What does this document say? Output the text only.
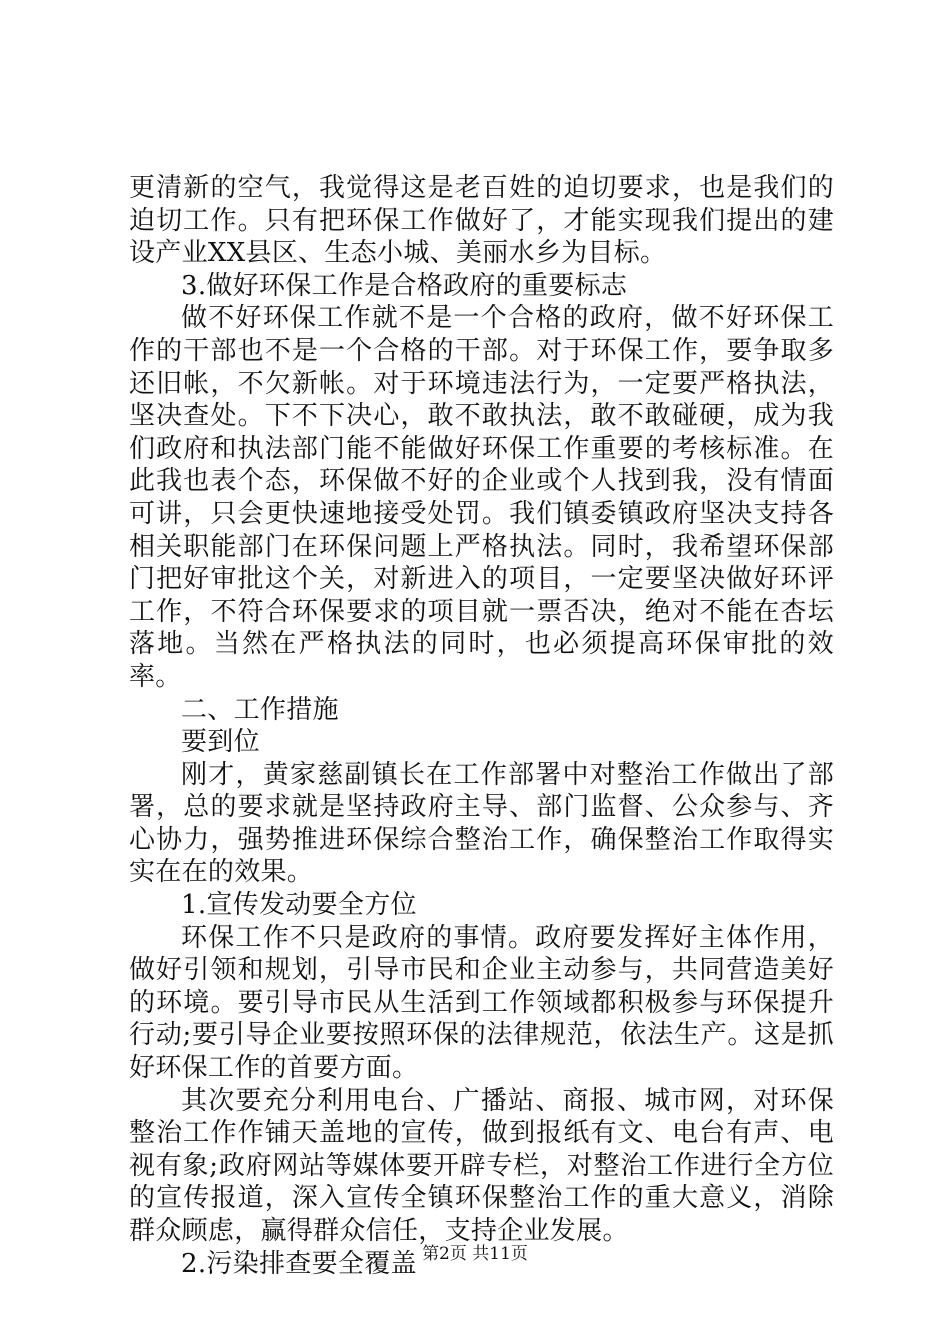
更清新的空气，我觉得这是老百姓的迫切要求，也是我们的迫切工作。只有把环保工作做好了，才能实现我们提出的建设产业XX县区、生态小城、美丽水乡为目标。

3.做好环保工作是合格政府的重要标志

做不好环保工作就不是一个合格的政府，做不好环保工作的干部也不是一个合格的干部。对于环保工作，要争取多还旧帐，不欠新帐。对于环境违法行为，一定要严格执法，坚决查处。下不下决心，敢不敢执法，敢不敢碰硬，成为我们政府和执法部门能不能做好环保工作重要的考核标准。在此我也表个态，环保做不好的企业或个人找到我，没有情面可讲，只会更快速地接受处罚。我们镇委镇政府坚决支持各相关职能部门在环保问题上严格执法。同时，我希望环保部门把好审批这个关，对新进入的项目，一定要坚决做好环评工作，不符合环保要求的项目就一票否决，绝对不能在杏坛落地。当然在严格执法的同时，也必须提高环保审批的效率。

二、工作措施

要到位

刚才，黄家慈副镇长在工作部署中对整治工作做出了部署，总的要求就是坚持政府主导、部门监督、公众参与、齐心协力，强势推进环保综合整治工作，确保整治工作取得实实在在的效果。

1.宣传发动要全方位

环保工作不只是政府的事情。政府要发挥好主体作用，做好引领和规划，引导市民和企业主动参与，共同营造美好的环境。要引导市民从生活到工作领域都积极参与环保提升行动;要引导企业要按照环保的法律规范，依法生产。这是抓好环保工作的首要方面。

其次要充分利用电台、广播站、商报、城市网，对环保整治工作作铺天盖地的宣传，做到报纸有文、电台有声、电视有象;政府网站等媒体要开辟专栏，对整治工作进行全方位的宣传报道，深入宣传全镇环保整治工作的重大意义，消除群众顾虑，赢得群众信任，支持企业发展。

2.污染排查要全覆盖 第2页 共11页
